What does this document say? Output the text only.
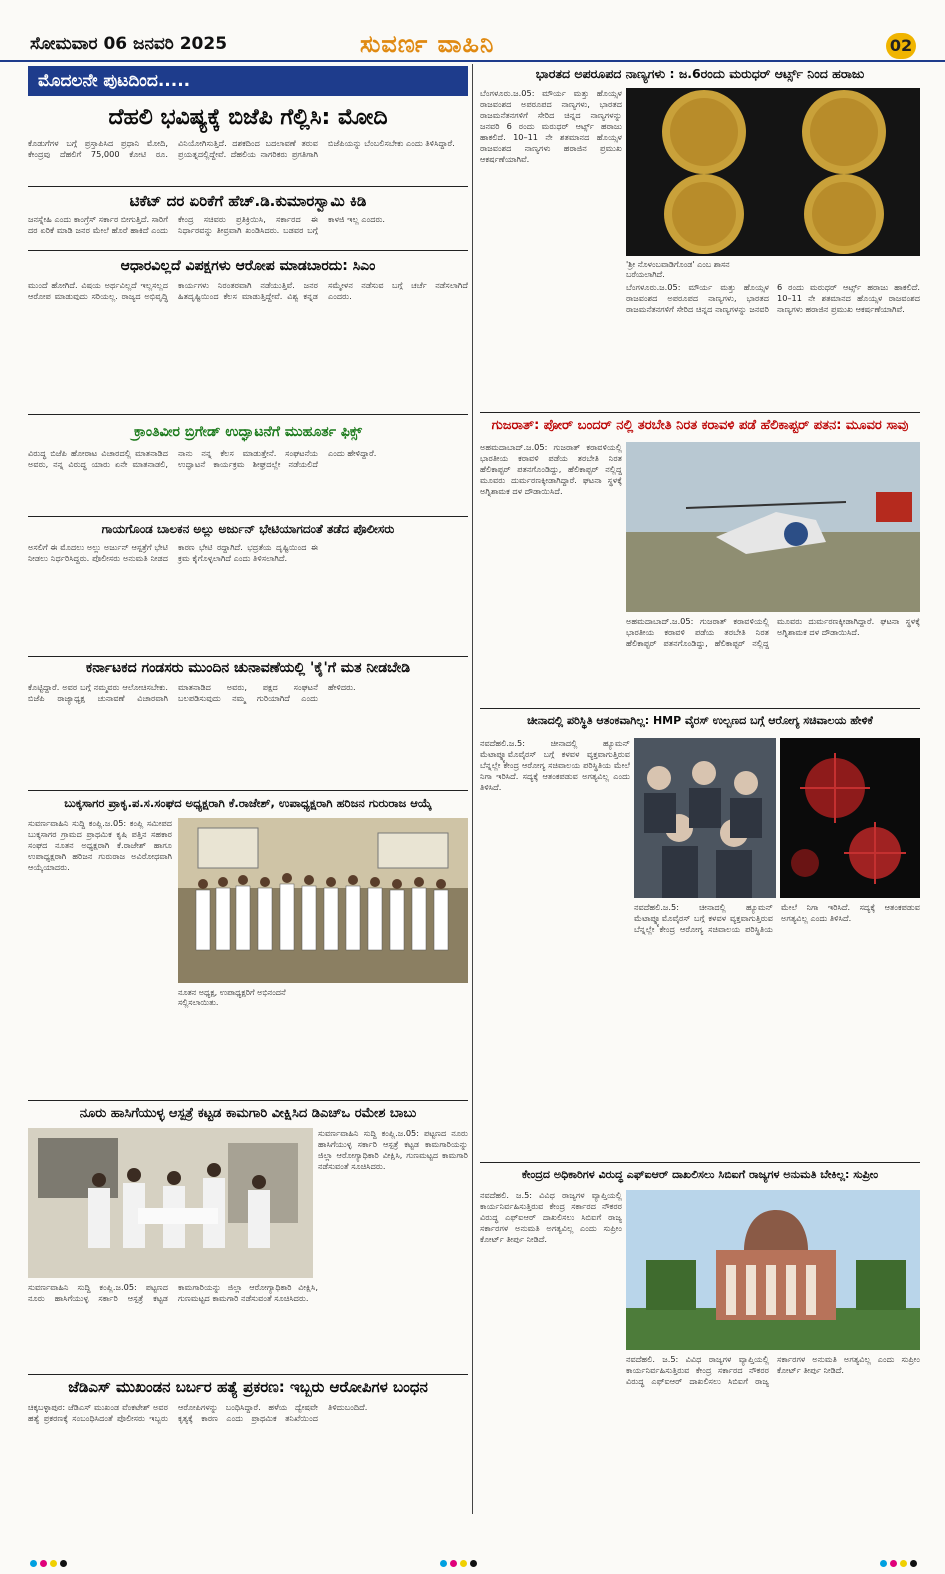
ಸೋಮವಾರ 06 ಜನವರಿ 2025	ಸುವರ್ಣ ವಾಹಿನಿ	02
ಮೊದಲನೇ ಪುಟದಿಂದ.....
ದೆಹಲಿ ಭವಿಷ್ಯಕ್ಕೆ ಬಿಜೆಪಿ ಗೆಲ್ಲಿಸಿ: ಮೋದಿ
ಕೊಡುಗೆಗಳ ಬಗ್ಗೆ ಪ್ರಸ್ತಾಪಿಸಿದ ಪ್ರಧಾನಿ ಮೋದಿ, ಕೇಂದ್ರವು ದೆಹಲಿಗೆ 75,000 ಕೋಟಿ ರೂ. ವಿನಿಯೋಗಿಸುತ್ತಿದೆ. ದಶಕದಿಂದ ಬದಲಾವಣೆ ತರುವ ಪ್ರಯತ್ನದಲ್ಲಿದ್ದೇವೆ. ದೆಹಲಿಯ ನಾಗರಿಕರು ಪ್ರಗತಿಗಾಗಿ ಬಿಜೆಪಿಯನ್ನು ಬೆಂಬಲಿಸಬೇಕು ಎಂದು ತಿಳಿಸಿದ್ದಾರೆ.
ಟಿಕೆಟ್ ದರ ಏರಿಕೆಗೆ ಹೆಚ್.ಡಿ.ಕುಮಾರಸ್ವಾಮಿ ಕಿಡಿ
ಜನಸ್ನೇಹಿ ಎಂದು ಕಾಂಗ್ರೆಸ್ ಸರ್ಕಾರ ಬೀಗುತ್ತಿದೆ. ಸಾರಿಗೆ ದರ ಏರಿಕೆ ಮಾಡಿ ಜನರ ಮೇಲೆ ಹೊರೆ ಹಾಕಿದೆ ಎಂದು ಕೇಂದ್ರ ಸಚಿವರು ಪ್ರತಿಕ್ರಿಯಿಸಿ, ಸರ್ಕಾರದ ಈ ನಿರ್ಧಾರವನ್ನು ತೀವ್ರವಾಗಿ ಖಂಡಿಸಿದರು. ಬಡವರ ಬಗ್ಗೆ ಕಾಳಜಿ ಇಲ್ಲ ಎಂದರು.
ಆಧಾರವಿಲ್ಲದೆ ವಿಪಕ್ಷಗಳು ಆರೋಪ ಮಾಡಬಾರದು: ಸಿಎಂ
ಮುಂದೆ ಹೋಗಿದೆ. ವಿಷಯ ಅರ್ಥವಿಲ್ಲದೆ ಇಲ್ಲಸಲ್ಲದ ಆರೋಪ ಮಾಡುವುದು ಸರಿಯಲ್ಲ. ರಾಜ್ಯದ ಅಭಿವೃದ್ಧಿ ಕಾರ್ಯಗಳು ನಿರಂತರವಾಗಿ ನಡೆಯುತ್ತಿವೆ. ಜನರ ಹಿತದೃಷ್ಟಿಯಿಂದ ಕೆಲಸ ಮಾಡುತ್ತಿದ್ದೇವೆ. ವಿಶ್ವ ಕನ್ನಡ ಸಮ್ಮೇಳನ ನಡೆಸುವ ಬಗ್ಗೆ ಚರ್ಚೆ ನಡೆಸಲಾಗಿದೆ ಎಂದರು.
ಕ್ರಾಂತಿವೀರ ಬ್ರಿಗೇಡ್ ಉದ್ಘಾಟನೆಗೆ ಮುಹೂರ್ತ ಫಿಕ್ಸ್
ವಿರುದ್ಧ ಬಿಜೆಪಿ ಹೋರಾಟ ವಿಚಾರದಲ್ಲಿ ಮಾತನಾಡಿದ ಅವರು, ನನ್ನ ವಿರುದ್ಧ ಯಾರು ಏನೇ ಮಾತನಾಡಲಿ, ನಾನು ನನ್ನ ಕೆಲಸ ಮಾಡುತ್ತೇನೆ. ಸಂಘಟನೆಯ ಉದ್ಘಾಟನೆ ಕಾರ್ಯಕ್ರಮ ಶೀಘ್ರದಲ್ಲೇ ನಡೆಯಲಿದೆ ಎಂದು ಹೇಳಿದ್ದಾರೆ.
ಗಾಯಗೊಂಡ ಬಾಲಕನ ಅಲ್ಲು ಅರ್ಜುನ್ ಭೇಟಿಯಾಗದಂತೆ ತಡೆದ ಪೊಲೀಸರು
ಅಸಲಿಗೆ ಈ ಮೊದಲು ಅಲ್ಲು ಅರ್ಜುನ್ ಆಸ್ಪತ್ರೆಗೆ ಭೇಟಿ ನೀಡಲು ನಿರ್ಧರಿಸಿದ್ದರು. ಪೊಲೀಸರು ಅನುಮತಿ ನೀಡದ ಕಾರಣ ಭೇಟಿ ರದ್ದಾಗಿದೆ. ಭದ್ರತೆಯ ದೃಷ್ಟಿಯಿಂದ ಈ ಕ್ರಮ ಕೈಗೊಳ್ಳಲಾಗಿದೆ ಎಂದು ತಿಳಿಸಲಾಗಿದೆ.
ಕರ್ನಾಟಕದ ಗಂಡಸರು ಮುಂದಿನ ಚುನಾವಣೆಯಲ್ಲಿ 'ಕೈ'ಗೆ ಮತ ನೀಡಬೇಡಿ
ಕೊಟ್ಟಿದ್ದಾರೆ. ಅವರ ಬಗ್ಗೆ ನಮ್ಮವರು ಆಲೋಚಿಸಬೇಕು. ಬಿಜೆಪಿ ರಾಜ್ಯಾಧ್ಯಕ್ಷ ಚುನಾವಣೆ ವಿಚಾರವಾಗಿ ಮಾತನಾಡಿದ ಅವರು, ಪಕ್ಷದ ಸಂಘಟನೆ ಬಲಪಡಿಸುವುದು ನಮ್ಮ ಗುರಿಯಾಗಿದೆ ಎಂದು ಹೇಳಿದರು.
ಬುಕ್ಕಸಾಗರ ಪ್ರಾಕೃ.ಪ.ಸ.ಸಂಘದ ಅಧ್ಯಕ್ಷರಾಗಿ ಕೆ.ರಾಜೇಶ್, ಉಪಾಧ್ಯಕ್ಷರಾಗಿ ಹರಿಜನ ಗುರುರಾಜ ಆಯ್ಕೆ
ಸುವರ್ಣವಾಹಿನಿ ಸುದ್ದಿ ಕಂಪ್ಲಿ.ಜ.05: ಕಂಪ್ಲಿ ಸಮೀಪದ ಬುಕ್ಕಸಾಗರ ಗ್ರಾಮದ ಪ್ರಾಥಮಿಕ ಕೃಷಿ ಪತ್ತಿನ ಸಹಕಾರ ಸಂಘದ ನೂತನ ಅಧ್ಯಕ್ಷರಾಗಿ ಕೆ.ರಾಜೇಶ್ ಹಾಗೂ ಉಪಾಧ್ಯಕ್ಷರಾಗಿ ಹರಿಜನ ಗುರುರಾಜ ಅವಿರೋಧವಾಗಿ ಆಯ್ಕೆಯಾದರು.
ನೂತನ ಅಧ್ಯಕ್ಷ, ಉಪಾಧ್ಯಕ್ಷರಿಗೆ ಅಭಿನಂದನೆ ಸಲ್ಲಿಸಲಾಯಿತು.
ನೂರು ಹಾಸಿಗೆಯುಳ್ಳ ಆಸ್ಪತ್ರೆ ಕಟ್ಟಡ ಕಾಮಗಾರಿ ವೀಕ್ಷಿಸಿದ ಡಿಎಚ್ಒ ರಮೇಶ ಬಾಬು
ಸುವರ್ಣವಾಹಿನಿ ಸುದ್ದಿ ಕಂಪ್ಲಿ.ಜ.05: ಪಟ್ಟಣದ ನೂರು ಹಾಸಿಗೆಯುಳ್ಳ ಸರ್ಕಾರಿ ಆಸ್ಪತ್ರೆ ಕಟ್ಟಡ ಕಾಮಗಾರಿಯನ್ನು ಜಿಲ್ಲಾ ಆರೋಗ್ಯಾಧಿಕಾರಿ ವೀಕ್ಷಿಸಿ, ಗುಣಮಟ್ಟದ ಕಾಮಗಾರಿ ನಡೆಸುವಂತೆ ಸೂಚಿಸಿದರು.
ಸುವರ್ಣವಾಹಿನಿ ಸುದ್ದಿ ಕಂಪ್ಲಿ.ಜ.05: ಪಟ್ಟಣದ ನೂರು ಹಾಸಿಗೆಯುಳ್ಳ ಸರ್ಕಾರಿ ಆಸ್ಪತ್ರೆ ಕಟ್ಟಡ ಕಾಮಗಾರಿಯನ್ನು ಜಿಲ್ಲಾ ಆರೋಗ್ಯಾಧಿಕಾರಿ ವೀಕ್ಷಿಸಿ, ಗುಣಮಟ್ಟದ ಕಾಮಗಾರಿ ನಡೆಸುವಂತೆ ಸೂಚಿಸಿದರು.
ಜೆಡಿಎಸ್ ಮುಖಂಡನ ಬರ್ಬರ ಹತ್ಯೆ ಪ್ರಕರಣ: ಇಬ್ಬರು ಆರೋಪಿಗಳ ಬಂಧನ
ಚಿಕ್ಕಬಳ್ಳಾಪುರ: ಜೆಡಿಎಸ್ ಮುಖಂಡ ವೆಂಕಟೇಶ್ ಅವರ ಹತ್ಯೆ ಪ್ರಕರಣಕ್ಕೆ ಸಂಬಂಧಿಸಿದಂತೆ ಪೊಲೀಸರು ಇಬ್ಬರು ಆರೋಪಿಗಳನ್ನು ಬಂಧಿಸಿದ್ದಾರೆ. ಹಳೆಯ ದ್ವೇಷವೇ ಕೃತ್ಯಕ್ಕೆ ಕಾರಣ ಎಂದು ಪ್ರಾಥಮಿಕ ತನಿಖೆಯಿಂದ ತಿಳಿದುಬಂದಿದೆ.
ಭಾರತದ ಅಪರೂಪದ ನಾಣ್ಯಗಳು : ಜ.6ರಂದು ಮರುಧರ್ ಆರ್ಟ್ಸ್ ನಿಂದ ಹರಾಜು
ಬೆಂಗಳೂರು.ಜ.05: ಮೌರ್ಯ ಮತ್ತು ಹೊಯ್ಸಳ ರಾಜವಂಶದ ಅಪರೂಪದ ನಾಣ್ಯಗಳು, ಭಾರತದ ರಾಜಮನೆತನಗಳಿಗೆ ಸೇರಿದ ಚಿನ್ನದ ನಾಣ್ಯಗಳನ್ನು ಜನವರಿ 6 ರಂದು ಮರುಧರ್ ಆರ್ಟ್ಸ್ ಹರಾಜು ಹಾಕಲಿದೆ. 10–11 ನೇ ಶತಮಾನದ ಹೊಯ್ಸಳ ರಾಜವಂಶದ ನಾಣ್ಯಗಳು ಹರಾಜಿನ ಪ್ರಮುಖ ಆಕರ್ಷಣೆಯಾಗಿವೆ.
'ಶ್ರೀ ನೊಳಂಬವಾಡಿಗೊಂಡ' ಎಂಬ ಶಾಸನ ಬರೆಯಲಾಗಿದೆ.
ಬೆಂಗಳೂರು.ಜ.05: ಮೌರ್ಯ ಮತ್ತು ಹೊಯ್ಸಳ ರಾಜವಂಶದ ಅಪರೂಪದ ನಾಣ್ಯಗಳು, ಭಾರತದ ರಾಜಮನೆತನಗಳಿಗೆ ಸೇರಿದ ಚಿನ್ನದ ನಾಣ್ಯಗಳನ್ನು ಜನವರಿ 6 ರಂದು ಮರುಧರ್ ಆರ್ಟ್ಸ್ ಹರಾಜು ಹಾಕಲಿದೆ. 10–11 ನೇ ಶತಮಾನದ ಹೊಯ್ಸಳ ರಾಜವಂಶದ ನಾಣ್ಯಗಳು ಹರಾಜಿನ ಪ್ರಮುಖ ಆಕರ್ಷಣೆಯಾಗಿವೆ.
ಗುಜರಾತ್: ಪೋರ್ ಬಂದರ್ ನಲ್ಲಿ ತರಬೇತಿ ನಿರತ ಕರಾವಳಿ ಪಡೆ ಹೆಲಿಕಾಪ್ಟರ್ ಪತನ: ಮೂವರ ಸಾವು
ಅಹಮದಾಬಾದ್.ಜ.05: ಗುಜರಾತ್ ಕರಾವಳಿಯಲ್ಲಿ ಭಾರತೀಯ ಕರಾವಳಿ ಪಡೆಯ ತರಬೇತಿ ನಿರತ ಹೆಲಿಕಾಪ್ಟರ್ ಪತನಗೊಂಡಿದ್ದು, ಹೆಲಿಕಾಪ್ಟರ್ ನಲ್ಲಿದ್ದ ಮೂವರು ದುರ್ಮರಣಕ್ಕೀಡಾಗಿದ್ದಾರೆ. ಘಟನಾ ಸ್ಥಳಕ್ಕೆ ಅಗ್ನಿಶಾಮಕ ದಳ ದೌಡಾಯಿಸಿದೆ.
ಅಹಮದಾಬಾದ್.ಜ.05: ಗುಜರಾತ್ ಕರಾವಳಿಯಲ್ಲಿ ಭಾರತೀಯ ಕರಾವಳಿ ಪಡೆಯ ತರಬೇತಿ ನಿರತ ಹೆಲಿಕಾಪ್ಟರ್ ಪತನಗೊಂಡಿದ್ದು, ಹೆಲಿಕಾಪ್ಟರ್ ನಲ್ಲಿದ್ದ ಮೂವರು ದುರ್ಮರಣಕ್ಕೀಡಾಗಿದ್ದಾರೆ. ಘಟನಾ ಸ್ಥಳಕ್ಕೆ ಅಗ್ನಿಶಾಮಕ ದಳ ದೌಡಾಯಿಸಿದೆ.
ಚೀನಾದಲ್ಲಿ ಪರಿಸ್ಥಿತಿ ಆತಂಕವಾಗಿಲ್ಲ: HMP ವೈರಸ್ ಉಲ್ಬಣದ ಬಗ್ಗೆ ಆರೋಗ್ಯ ಸಚಿವಾಲಯ ಹೇಳಿಕೆ
ನವದೆಹಲಿ.ಜ.5: ಚೀನಾದಲ್ಲಿ ಹ್ಯೂಮನ್ ಮೆಟಾಪ್ನ್ಯೂಮೊವೈರಸ್ ಬಗ್ಗೆ ಕಳವಳ ವ್ಯಕ್ತವಾಗುತ್ತಿರುವ ಬೆನ್ನಲ್ಲೇ ಕೇಂದ್ರ ಆರೋಗ್ಯ ಸಚಿವಾಲಯ ಪರಿಸ್ಥಿತಿಯ ಮೇಲೆ ನಿಗಾ ಇರಿಸಿದೆ. ಸದ್ಯಕ್ಕೆ ಆತಂಕಪಡುವ ಅಗತ್ಯವಿಲ್ಲ ಎಂದು ತಿಳಿಸಿದೆ.
ನವದೆಹಲಿ.ಜ.5: ಚೀನಾದಲ್ಲಿ ಹ್ಯೂಮನ್ ಮೆಟಾಪ್ನ್ಯೂಮೊವೈರಸ್ ಬಗ್ಗೆ ಕಳವಳ ವ್ಯಕ್ತವಾಗುತ್ತಿರುವ ಬೆನ್ನಲ್ಲೇ ಕೇಂದ್ರ ಆರೋಗ್ಯ ಸಚಿವಾಲಯ ಪರಿಸ್ಥಿತಿಯ ಮೇಲೆ ನಿಗಾ ಇರಿಸಿದೆ. ಸದ್ಯಕ್ಕೆ ಆತಂಕಪಡುವ ಅಗತ್ಯವಿಲ್ಲ ಎಂದು ತಿಳಿಸಿದೆ.
ಕೇಂದ್ರದ ಅಧಿಕಾರಿಗಳ ವಿರುದ್ಧ ಎಫ್ಐಆರ್ ದಾಖಲಿಸಲು ಸಿಬಿಐಗೆ ರಾಜ್ಯಗಳ ಅನುಮತಿ ಬೇಕಿಲ್ಲ: ಸುಪ್ರೀಂ
ನವದೆಹಲಿ. ಜ.5: ವಿವಿಧ ರಾಜ್ಯಗಳ ವ್ಯಾಪ್ತಿಯಲ್ಲಿ ಕಾರ್ಯನಿರ್ವಹಿಸುತ್ತಿರುವ ಕೇಂದ್ರ ಸರ್ಕಾರದ ನೌಕರರ ವಿರುದ್ಧ ಎಫ್ಐಆರ್ ದಾಖಲಿಸಲು ಸಿಬಿಐಗೆ ರಾಜ್ಯ ಸರ್ಕಾರಗಳ ಅನುಮತಿ ಅಗತ್ಯವಿಲ್ಲ ಎಂದು ಸುಪ್ರೀಂ ಕೋರ್ಟ್ ತೀರ್ಪು ನೀಡಿದೆ.
ನವದೆಹಲಿ. ಜ.5: ವಿವಿಧ ರಾಜ್ಯಗಳ ವ್ಯಾಪ್ತಿಯಲ್ಲಿ ಕಾರ್ಯನಿರ್ವಹಿಸುತ್ತಿರುವ ಕೇಂದ್ರ ಸರ್ಕಾರದ ನೌಕರರ ವಿರುದ್ಧ ಎಫ್ಐಆರ್ ದಾಖಲಿಸಲು ಸಿಬಿಐಗೆ ರಾಜ್ಯ ಸರ್ಕಾರಗಳ ಅನುಮತಿ ಅಗತ್ಯವಿಲ್ಲ ಎಂದು ಸುಪ್ರೀಂ ಕೋರ್ಟ್ ತೀರ್ಪು ನೀಡಿದೆ.
